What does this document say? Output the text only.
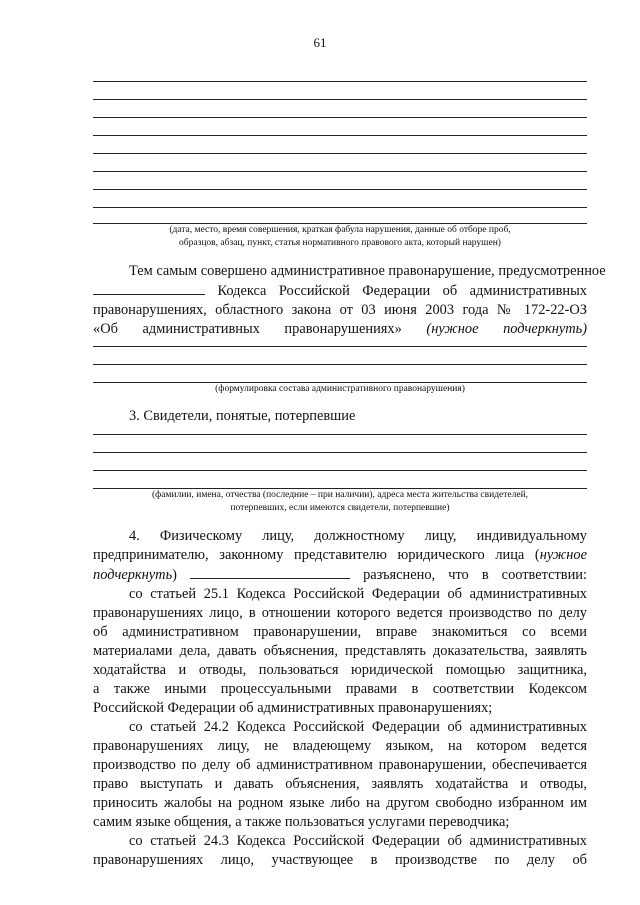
61
(дата, место, время совершения, краткая фабула нарушения, данные об отборе проб,
образцов, абзац, пункт, статья нормативного правового акта, который нарушен)
Тем самым совершено административное правонарушение, предусмотренное
Кодекса Российской Федерации об административных
правонарушениях, областного закона от 03 июня 2003 года № 172-22-ОЗ
«Об административных правонарушениях» (нужное подчеркнуть)
(формулировка состава административного правонарушения)
3. Свидетели, понятые, потерпевшие
(фамилии, имена, отчества (последние – при наличии), адреса места жительства свидетелей,
потерпевших, если имеются свидетели, потерпевшие)
4. Физическому лицу, должностному лицу, индивидуальному
предпринимателю, законному представителю юридического лица (нужное
подчеркнуть)	разъяснено, что в соответствии:
со статьей 25.1 Кодекса Российской Федерации об административных
правонарушениях лицо, в отношении которого ведется производство по делу
об административном правонарушении, вправе знакомиться со всеми
материалами дела, давать объяснения, представлять доказательства, заявлять
ходатайства и отводы, пользоваться юридической помощью защитника,
а также иными процессуальными правами в соответствии Кодексом
Российской Федерации об административных правонарушениях;
со статьей 24.2 Кодекса Российской Федерации об административных
правонарушениях лицу, не владеющему языком, на котором ведется
производство по делу об административном правонарушении, обеспечивается
право выступать и давать объяснения, заявлять ходатайства и отводы,
приносить жалобы на родном языке либо на другом свободно избранном им
самим языке общения, а также пользоваться услугами переводчика;
со статьей 24.3 Кодекса Российской Федерации об административных
правонарушениях лицо, участвующее в производстве по делу об
